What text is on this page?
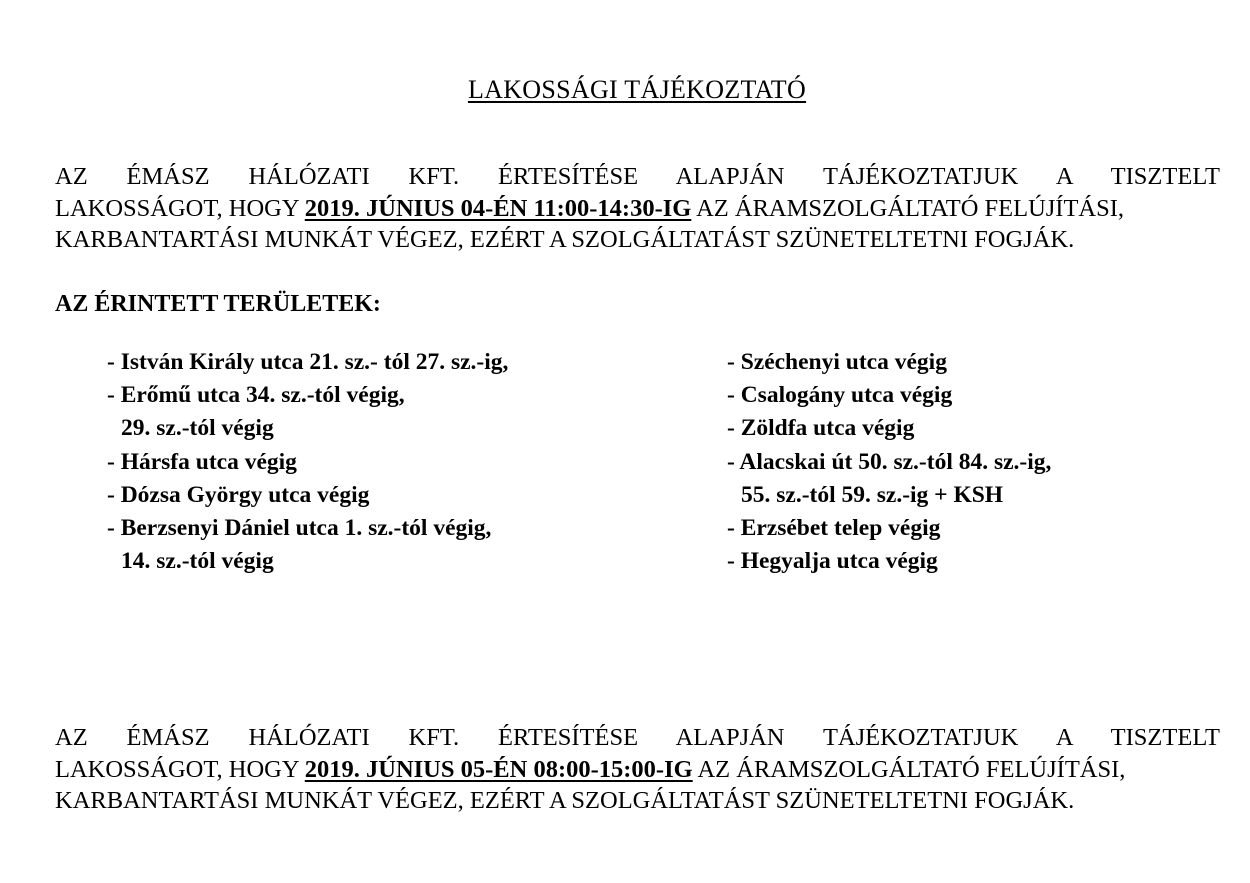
LAKOSSÁGI TÁJÉKOZTATÓ
AZ ÉMÁSZ HÁLÓZATI KFT. ÉRTESÍTÉSE ALAPJÁN TÁJÉKOZTATJUK A TISZTELT
LAKOSSÁGOT, HOGY 2019. JÚNIUS 04-ÉN 11:00-14:30-IG AZ ÁRAMSZOLGÁLTATÓ FELÚJÍTÁSI,
KARBANTARTÁSI MUNKÁT VÉGEZ, EZÉRT A SZOLGÁLTATÁST SZÜNETELTETNI FOGJÁK.
AZ ÉRINTETT TERÜLETEK:
- István Király utca 21. sz.- tól 27. sz.-ig,
- Erőmű utca 34. sz.-tól végig,
29. sz.-tól végig
- Hársfa utca végig
- Dózsa György utca végig
- Berzsenyi Dániel utca 1. sz.-tól végig,
14. sz.-tól végig
- Széchenyi utca végig
- Csalogány utca végig
- Zöldfa utca végig
- Alacskai út 50. sz.-tól 84. sz.-ig,
55. sz.-tól 59. sz.-ig + KSH
- Erzsébet telep végig
- Hegyalja utca végig
AZ ÉMÁSZ HÁLÓZATI KFT. ÉRTESÍTÉSE ALAPJÁN TÁJÉKOZTATJUK A TISZTELT
LAKOSSÁGOT, HOGY 2019. JÚNIUS 05-ÉN 08:00-15:00-IG AZ ÁRAMSZOLGÁLTATÓ FELÚJÍTÁSI,
KARBANTARTÁSI MUNKÁT VÉGEZ, EZÉRT A SZOLGÁLTATÁST SZÜNETELTETNI FOGJÁK.
